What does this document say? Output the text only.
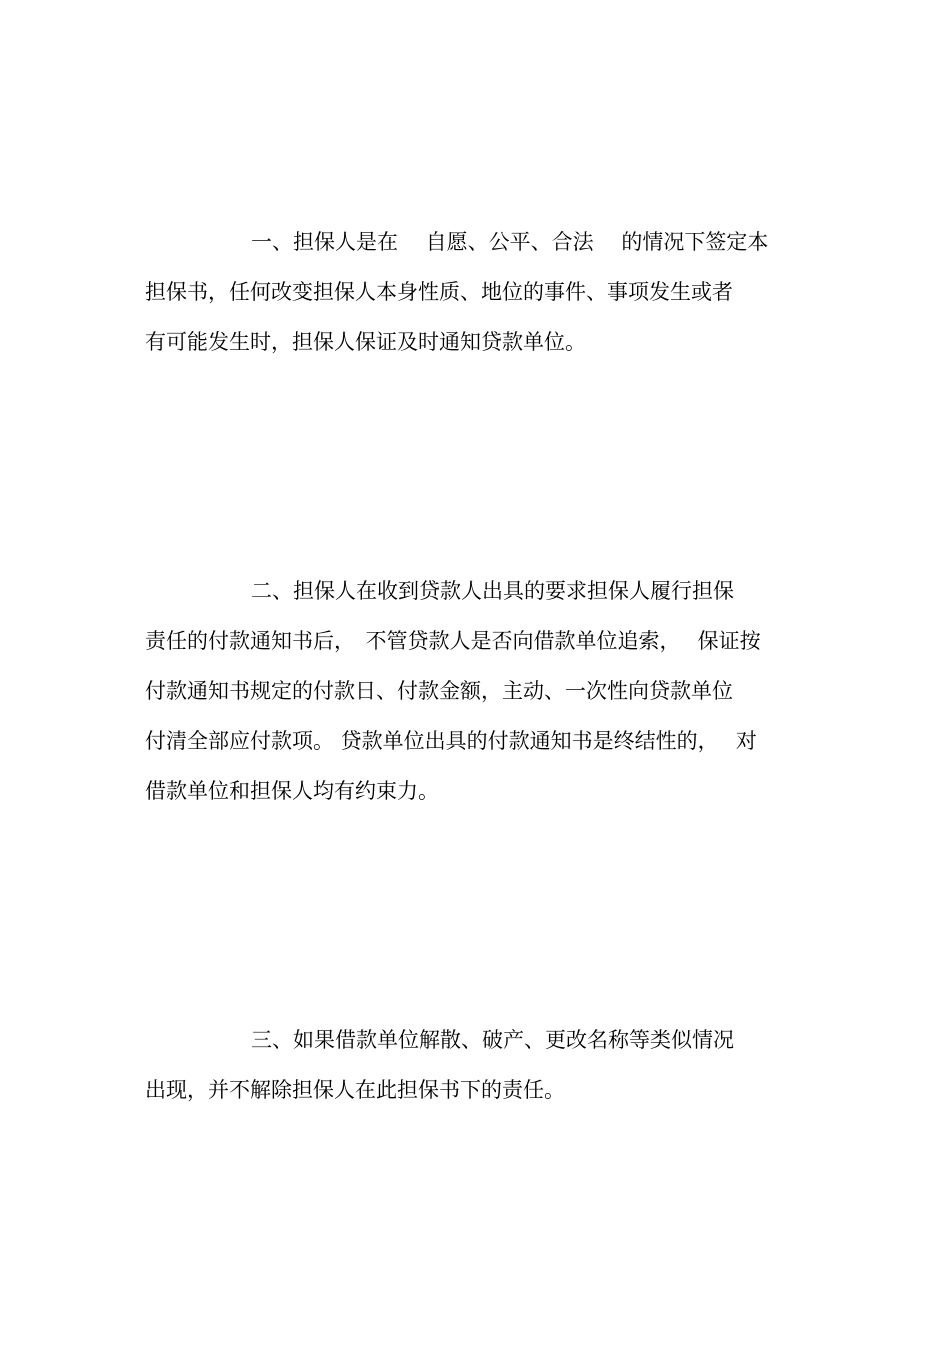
一、担保人是在　 自愿、公平、合法　 的情况下签定本
担保书，任何改变担保人本身性质、地位的事件、事项发生或者
有可能发生时，担保人保证及时通知贷款单位。
二、担保人在收到贷款人出具的要求担保人履行担保
责任的付款通知书后，　不管贷款人是否向借款单位追索，　 保证按
付款通知书规定的付款日、付款金额，主动、一次性向贷款单位
付清全部应付款项。 贷款单位出具的付款通知书是终结性的，　 对
借款单位和担保人均有约束力。
三、如果借款单位解散、破产、更改名称等类似情况
出现，并不解除担保人在此担保书下的责任。
